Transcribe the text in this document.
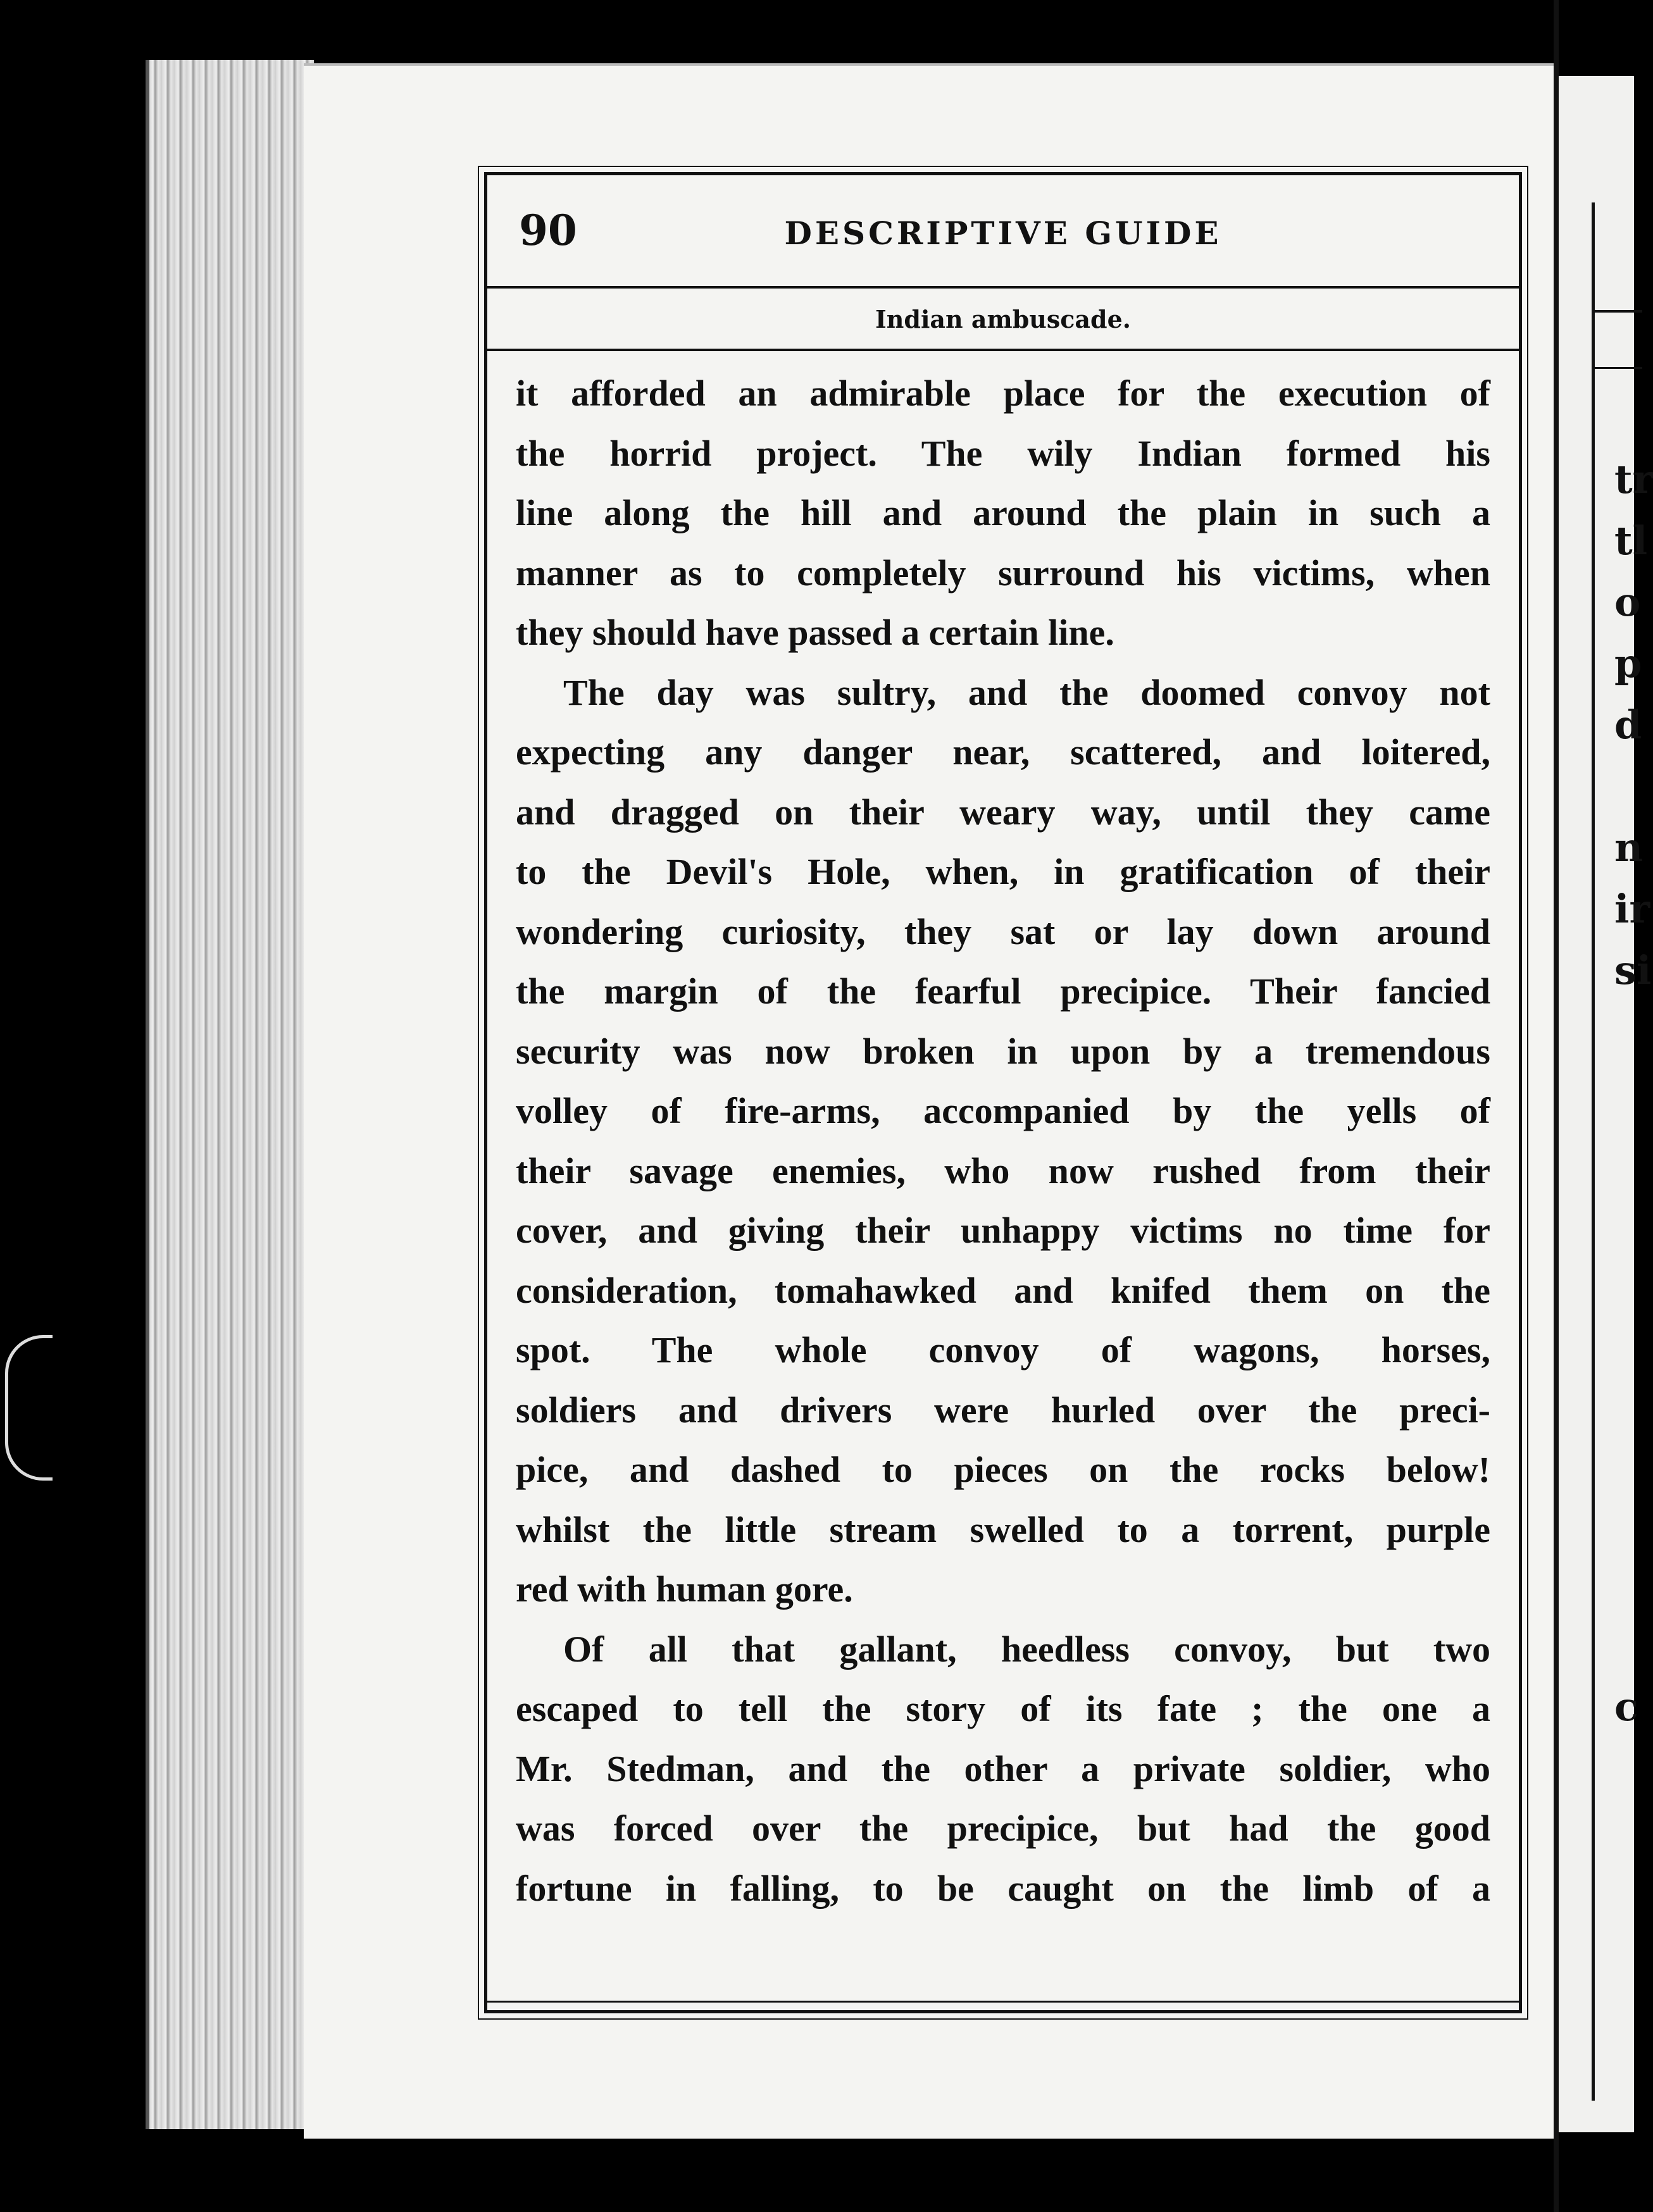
tr
tl
o
p
d
n
ir
si
c
90	DESCRIPTIVE GUIDE
Indian ambuscade.
it afforded an admirable place for the execution of
the horrid project. The wily Indian formed his
line along the hill and around the plain in such a
manner as to completely surround his victims, when
they should have passed a certain line.
The day was sultry, and the doomed convoy not
expecting any danger near, scattered, and loitered,
and dragged on their weary way, until they came
to the Devil's Hole, when, in gratification of their
wondering curiosity, they sat or lay down around
the margin of the fearful precipice. Their fancied
security was now broken in upon by a tremendous
volley of fire-arms, accompanied by the yells of
their savage enemies, who now rushed from their
cover, and giving their unhappy victims no time for
consideration, tomahawked and knifed them on the
spot. The whole convoy of wagons, horses,
soldiers and drivers were hurled over the preci-
pice, and dashed to pieces on the rocks below!
whilst the little stream swelled to a torrent, purple
red with human gore.
Of all that gallant, heedless convoy, but two
escaped to tell the story of its fate ; the one a
Mr. Stedman, and the other a private soldier, who
was forced over the precipice, but had the good
fortune in falling, to be caught on the limb of a
